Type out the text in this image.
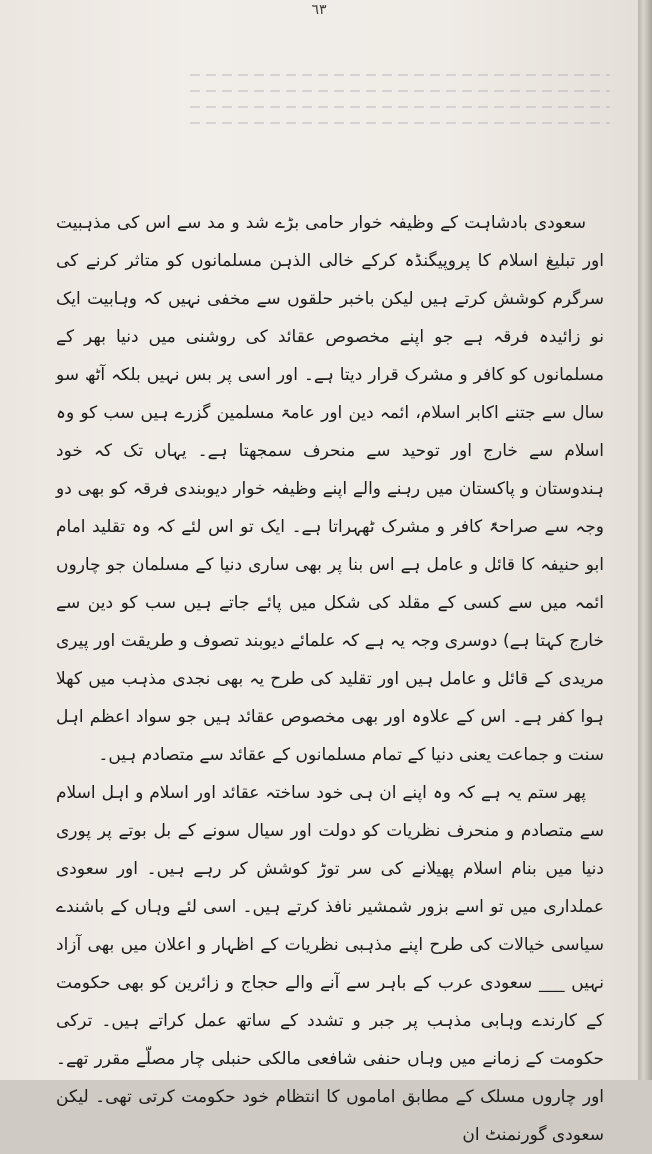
٦٣

سعودی بادشاہت کے وظیفہ خوار حامی بڑے شد و مد سے اس کی مذہبیت اور تبلیغ اسلام کا پروپیگنڈہ کرکے خالی الذہن مسلمانوں کو متاثر کرنے کی سرگرم کوشش کرتے ہیں لیکن باخبر حلقوں سے مخفی نہیں کہ وہابیت ایک نو زائیدہ فرقہ ہے جو اپنے مخصوص عقائد کی روشنی میں دنیا بھر کے مسلمانوں کو کافر و مشرک قرار دیتا ہے۔ اور اسی پر بس نہیں بلکہ آٹھ سو سال سے جتنے اکابر اسلام، ائمہ دین اور عامۃ مسلمین گزرے ہیں سب کو وہ اسلام سے خارج اور توحید سے منحرف سمجھتا ہے۔ یہاں تک کہ خود ہندوستان و پاکستان میں رہنے والے اپنے وظیفہ خوار دیوبندی فرقہ کو بھی دو وجہ سے صراحۃً کافر و مشرک ٹھہراتا ہے۔ ایک تو اس لئے کہ وہ تقلید امام ابو حنیفہ کا قائل و عامل ہے اس بنا پر بھی ساری دنیا کے مسلمان جو چاروں ائمہ میں سے کسی کے مقلد کی شکل میں پائے جاتے ہیں سب کو دین سے خارج کہتا ہے) دوسری وجہ یہ ہے کہ علمائے دیوبند تصوف و طریقت اور پیری مریدی کے قائل و عامل ہیں اور تقلید کی طرح یہ بھی نجدی مذہب میں کھلا ہوا کفر ہے۔ اس کے علاوہ اور بھی مخصوص عقائد ہیں جو سواد اعظم اہل سنت و جماعت یعنی دنیا کے تمام مسلمانوں کے عقائد سے متصادم ہیں۔

پھر ستم یہ ہے کہ وہ اپنے ان ہی خود ساختہ عقائد اور اسلام و اہل اسلام سے متصادم و منحرف نظریات کو دولت اور سیال سونے کے بل بوتے پر پوری دنیا میں بنام اسلام پھیلانے کی سر توڑ کوشش کر رہے ہیں۔ اور سعودی عملداری میں تو اسے بزور شمشیر نافذ کرتے ہیں۔ اسی لئے وہاں کے باشندے سیاسی خیالات کی طرح اپنے مذہبی نظریات کے اظہار و اعلان میں بھی آزاد نہیں ___ سعودی عرب کے باہر سے آنے والے حجاج و زائرین کو بھی حکومت کے کارندے وہابی مذہب پر جبر و تشدد کے ساتھ عمل کراتے ہیں۔ ترکی حکومت کے زمانے میں وہاں حنفی شافعی مالکی حنبلی چار مصلّے مقرر تھے۔ اور چاروں مسلک کے مطابق اماموں کا انتظام خود حکومت کرتی تھی۔ لیکن سعودی گورنمنٹ ان
